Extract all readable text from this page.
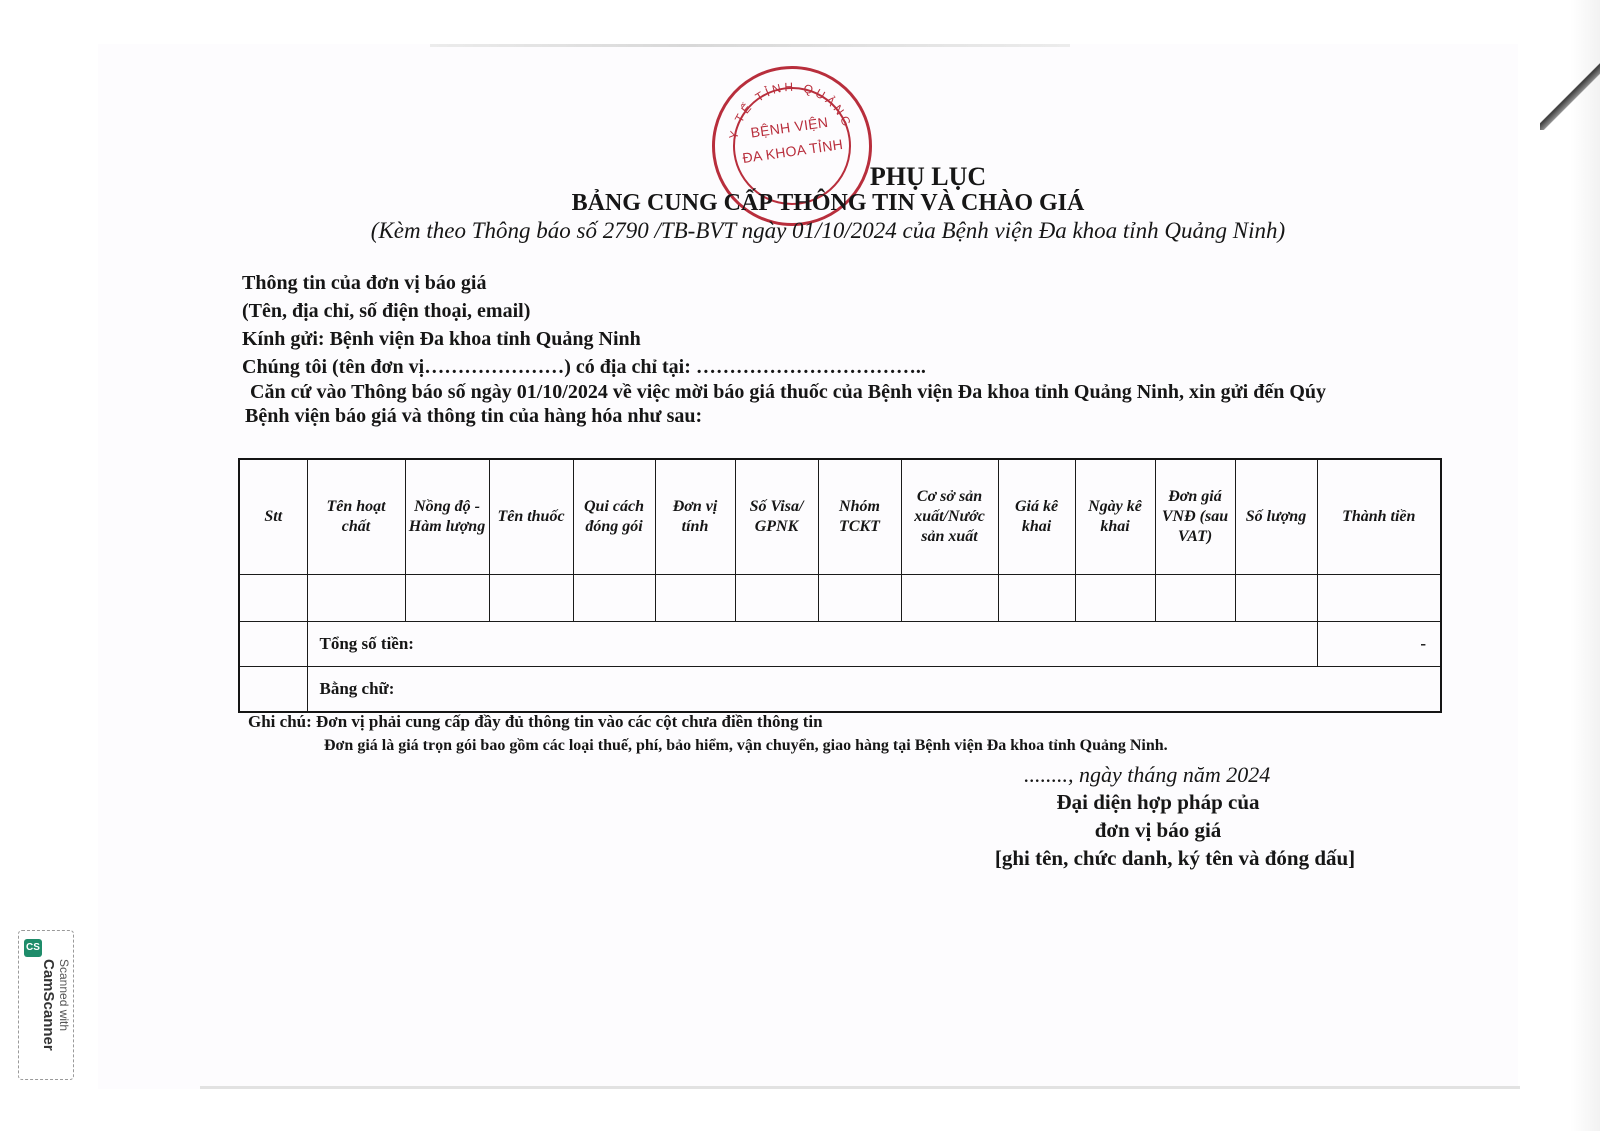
Y TẾ TỈNH QUẢNG
BỆNH VIỆN
ĐA KHOA TỈNH
PHỤ LỤC
BẢNG CUNG CẤP THÔNG TIN VÀ CHÀO GIÁ
(Kèm theo Thông báo số 2790 /TB-BVT ngày 01/10/2024 của Bệnh viện Đa khoa tỉnh Quảng Ninh)
Thông tin của đơn vị báo giá
(Tên, địa chỉ, số điện thoại, email)
Kính gửi: Bệnh viện Đa khoa tỉnh Quảng Ninh
Chúng tôi (tên đơn vị…………………) có địa chỉ tại: ……………………………..
Căn cứ vào Thông báo số ngày 01/10/2024 về việc mời báo giá thuốc của Bệnh viện Đa khoa tỉnh Quảng Ninh, xin gửi đến Qúy
Bệnh viện báo giá và thông tin của hàng hóa như sau:
Stt	Tên hoạt chất	Nồng độ - Hàm lượng	Tên thuốc	Qui cách đóng gói	Đơn vị tính	Số Visa/ GPNK	Nhóm TCKT	Cơ sở sản xuất/Nước sản xuất	Giá kê khai	Ngày kê khai	Đơn giá VNĐ (sau VAT)	Số lượng	Thành tiền

	Tổng số tiền:												-
	Bằng chữ:												
Ghi chú: Đơn vị phải cung cấp đầy đủ thông tin vào các cột chưa điền thông tin
Đơn giá là giá trọn gói bao gồm các loại thuế, phí, bảo hiểm, vận chuyển, giao hàng tại Bệnh viện Đa khoa tỉnh Quảng Ninh.
........, ngày tháng năm 2024
Đại diện hợp pháp của
đơn vị báo giá
[ghi tên, chức danh, ký tên và đóng dấu]
CS
Scanned with
CamScanner
